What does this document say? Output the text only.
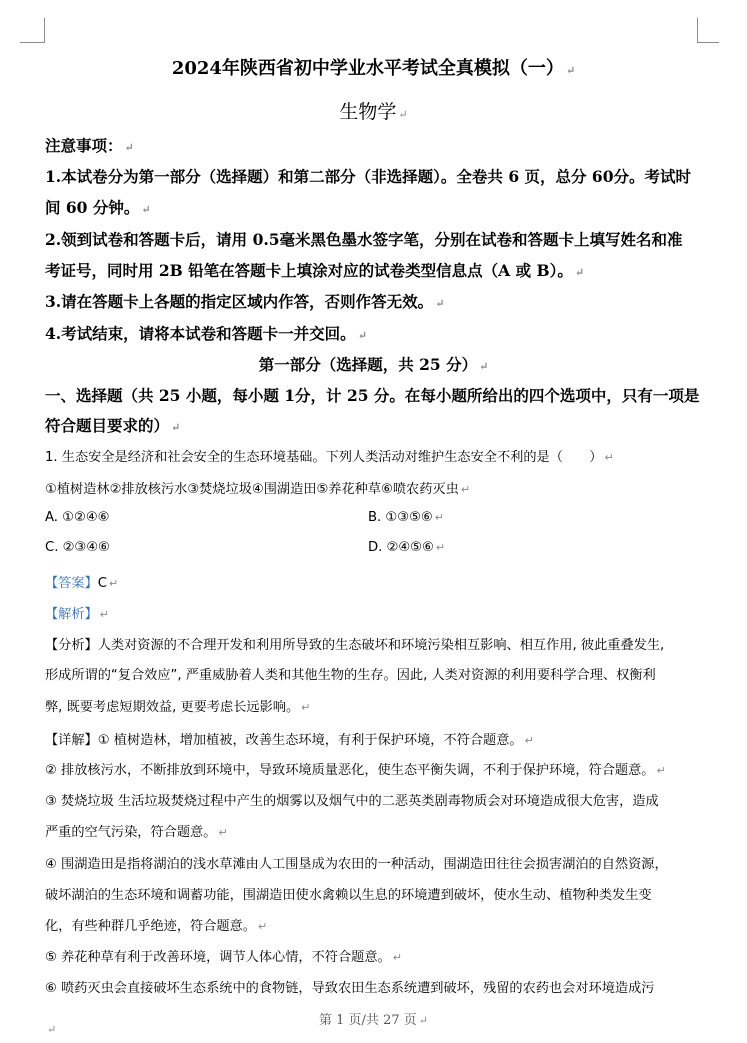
2024年陕西省初中学业水平考试全真模拟（一） ↵
生物学 ↵
注意事项： ↵
1.本试卷分为第一部分（选择题）和第二部分（非选择题）。全卷共 6 页，总分 60分。考试时
间 60 分钟。 ↵
2.领到试卷和答题卡后，请用 0.5毫米黑色墨水签字笔，分别在试卷和答题卡上填写姓名和准
考证号，同时用 2B 铅笔在答题卡上填涂对应的试卷类型信息点（A 或 B）。 ↵
3.请在答题卡上各题的指定区域内作答，否则作答无效。 ↵
4.考试结束，请将本试卷和答题卡一并交回。 ↵
第一部分（选择题，共 25 分） ↵
一、选择题（共 25 小题，每小题 1分，计 25 分。在每小题所给出的四个选项中，只有一项是
符合题目要求的） ↵
1. 生态安全是经济和社会安全的生态环境基础。下列人类活动对维护生态安全不利的是（　　） ↵
①植树造林②排放核污水③焚烧垃圾④围湖造田⑤养花种草⑥喷农药灭虫 ↵
A. ①②④⑥	B. ①③⑤⑥ ↵
C. ②③④⑥	D. ②④⑤⑥ ↵
【答案】C ↵
【解析】 ↵
【分析】人类对资源的不合理开发和利用所导致的生态破坏和环境污染相互影响、相互作用, 彼此重叠发生,
形成所谓的“复合效应”, 严重威胁着人类和其他生物的生存。因此, 人类对资源的利用要科学合理、权衡利
弊, 既要考虑短期效益, 更要考虑长远影响。 ↵
【详解】① 植树造林，增加植被，改善生态环境，有利于保护环境，不符合题意。 ↵
② 排放核污水，不断排放到环境中，导致环境质量恶化，使生态平衡失调，不利于保护环境，符合题意。 ↵
③ 焚烧垃圾 生活垃圾焚烧过程中产生的烟雾以及烟气中的二恶英类剧毒物质会对环境造成很大危害，造成
严重的空气污染，符合题意。 ↵
④ 围湖造田是指将湖泊的浅水草滩由人工围垦成为农田的一种活动，围湖造田往往会损害湖泊的自然资源，
破坏湖泊的生态环境和调蓄功能，围湖造田使水禽赖以生息的环境遭到破坏，使水生动、植物种类发生变
化，有些种群几乎绝迹，符合题意。 ↵
⑤ 养花种草有利于改善环境，调节人体心情，不符合题意。 ↵
⑥ 喷药灭虫会直接破坏生态系统中的食物链，导致农田生态系统遭到破坏，残留的农药也会对环境造成污
第 1 页/共 27 页 ↵
↵
